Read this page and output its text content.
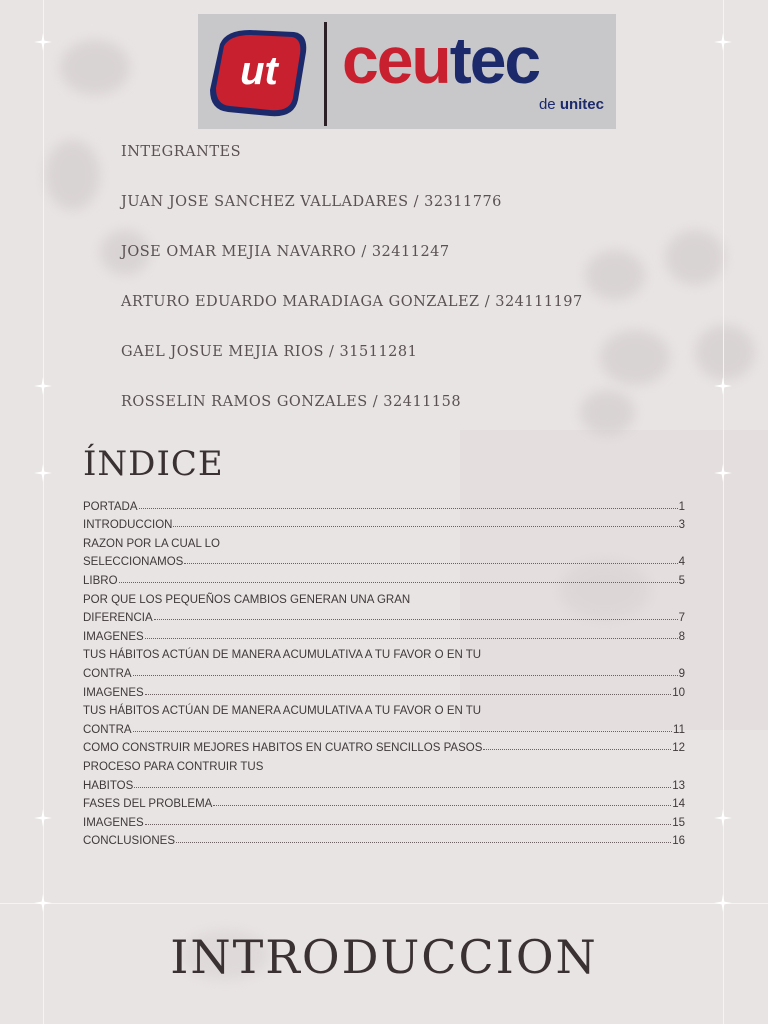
ut ceutec
de unitec
INTEGRANTES
JUAN JOSE SANCHEZ VALLADARES / 32311776
JOSE OMAR MEJIA NAVARRO / 32411247
ARTURO EDUARDO MARADIAGA GONZALEZ / 324111197
GAEL JOSUE MEJIA RIOS / 31511281
ROSSELIN RAMOS GONZALES / 32411158
ÍNDICE
PORTADA	1
INTRODUCCION	3
RAZON POR LA CUAL LO
SELECCIONAMOS	4
LIBRO	5
POR QUE LOS PEQUEÑOS CAMBIOS GENERAN UNA GRAN
DIFERENCIA	7
IMAGENES	8
TUS HÁBITOS ACTÚAN DE MANERA ACUMULATIVA A TU FAVOR O EN TU
CONTRA	9
IMAGENES	10
TUS HÁBITOS ACTÚAN DE MANERA ACUMULATIVA A TU FAVOR O EN TU
CONTRA	11
COMO CONSTRUIR MEJORES HABITOS EN CUATRO SENCILLOS PASOS	12
PROCESO PARA CONTRUIR TUS
HABITOS	13
FASES DEL PROBLEMA	14
IMAGENES	15
CONCLUSIONES	16
INTRODUCCION
